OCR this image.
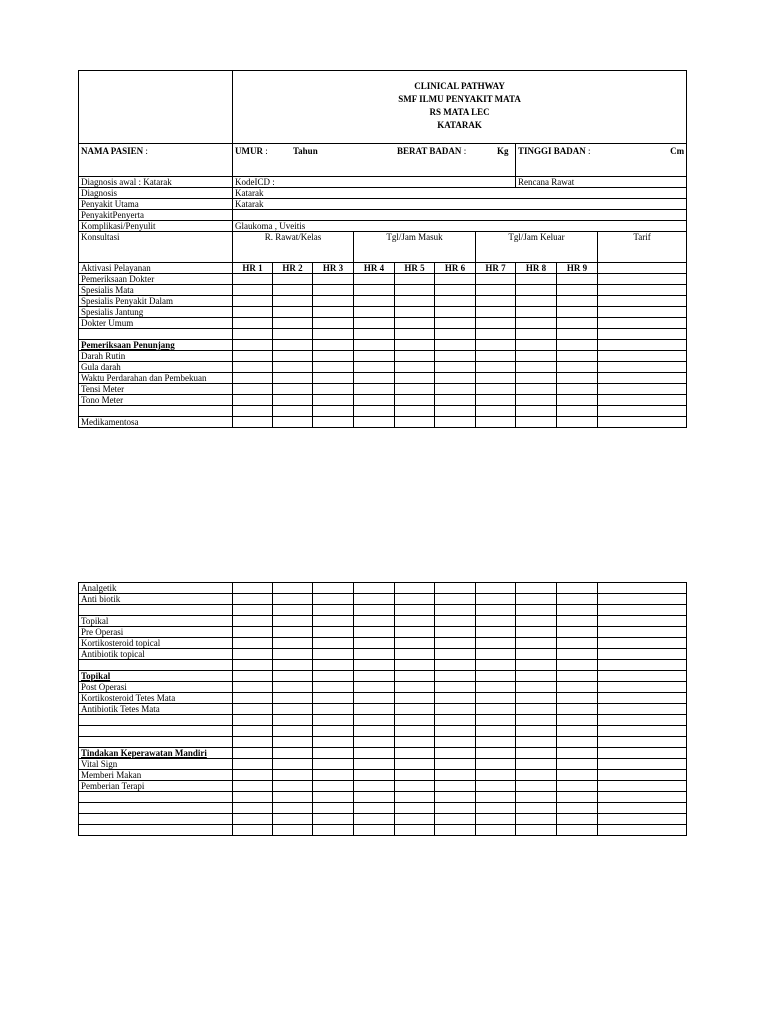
	CLINICAL PATHWAY
SMF ILMU PENYAKIT MATA
RS MATA LEC
KATARAK									

NAMA PASIEN :	UMUR : Tahun BERAT BADAN : Kg							TINGGI BADAN : Cm		

Diagnosis awal : Katarak	KodeICD :							Rencana Rawat		
Diagnosis	Katarak									
Penyakit Utama	Katarak									
PenyakitPenyerta										
Komplikasi/Penyulit	Glaukoma , Uveitis									
Konsultasi	R. Rawat/Kelas			Tgl/Jam Masuk			Tgl/Jam Keluar			Tarif
Aktivasi Pelayanan	HR 1	HR 2	HR 3	HR 4	HR 5	HR 6	HR 7	HR 8	HR 9	
Pemeriksaan Dokter										
Spesialis Mata										
Spesialis Penyakit Dalam										
Spesialis Jantung										
Dokter Umum										

Pemeriksaan Penunjang										
Darah Rutin										
Gula darah										
Waktu Perdarahan dan Pembekuan										
Tensi Meter										
Tono Meter										

Medikamentosa										
Analgetik										
Anti biotik										

Topikal										
Pre Operasi										
Kortikosteroid topical										
Antibiotik topical										

Topikal										
Post Operasi										
Kortikosteroid Tetes Mata										
Antibiotik Tetes Mata										

Tindakan Keperawatan Mandiri										
Vital Sign										
Memberi Makan										
Pemberian Terapi										
